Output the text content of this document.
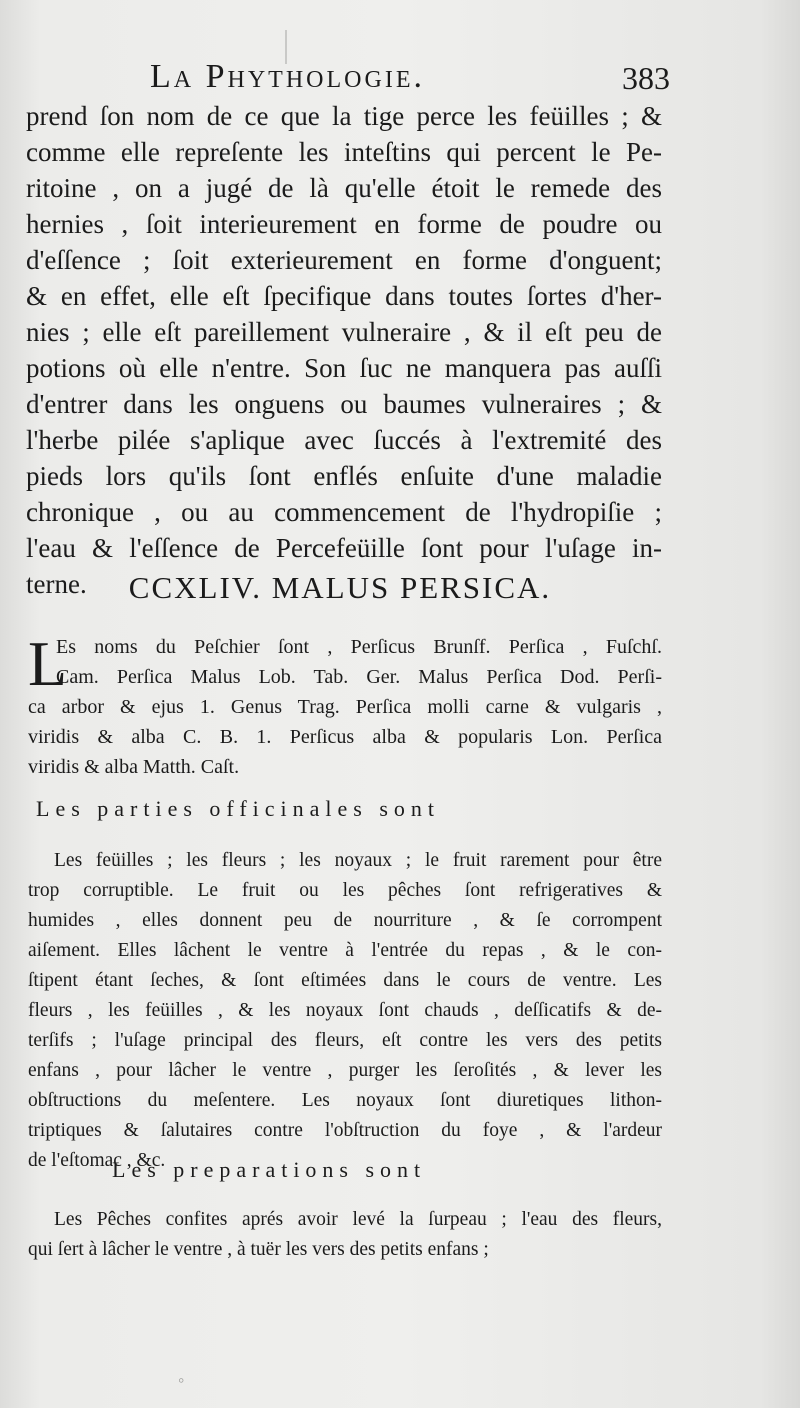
La Phythologie.	383
prend ſon nom de ce que la tige perce les feüilles ; &
comme elle repreſente les inteſtins qui percent le Pe-
ritoine , on a jugé de là qu'elle étoit le remede des
hernies , ſoit interieurement en forme de poudre ou
d'eſſence ; ſoit exterieurement en forme d'onguent;
& en effet, elle eſt ſpecifique dans toutes ſortes d'her-
nies ; elle eſt pareillement vulneraire , & il eſt peu de
potions où elle n'entre. Son ſuc ne manquera pas auſſi
d'entrer dans les onguens ou baumes vulneraires ; &
l'herbe pilée s'aplique avec ſuccés à l'extremité des
pieds lors qu'ils ſont enflés enſuite d'une maladie
chronique , ou au commencement de l'hydropiſie ;
l'eau & l'eſſence de Percefeüille ſont pour l'uſage in-
terne.	CCXLIV. MALUS PERSICA.
L
Es noms du Peſchier ſont , Perſicus Brunſf. Perſica , Fuſchſ.
Cam. Perſica Malus Lob. Tab. Ger. Malus Perſica Dod. Perſi-
ca arbor & ejus 1. Genus Trag. Perſica molli carne & vulgaris ,
viridis & alba C. B. 1. Perſicus alba & popularis Lon. Perſica
viridis & alba Matth. Caſt.
Les parties officinales sont
Les feüilles ; les fleurs ; les noyaux ; le fruit rarement pour être
trop corruptible. Le fruit ou les pêches ſont refrigeratives &
humides , elles donnent peu de nourriture , & ſe corrompent
aiſement. Elles lâchent le ventre à l'entrée du repas , & le con-
ſtipent étant ſeches, & ſont eſtimées dans le cours de ventre. Les
fleurs , les feüilles , & les noyaux ſont chauds , deſſicatifs & de-
terſifs ; l'uſage principal des fleurs, eſt contre les vers des petits
enfans , pour lâcher le ventre , purger les ſeroſités , & lever les
obſtructions du meſentere. Les noyaux ſont diuretiques lithon-
triptiques & ſalutaires contre l'obſtruction du foye , & l'ardeur
de l'eſtomac , &c.
Les preparations sont
Les Pêches confites aprés avoir levé la ſurpeau ; l'eau des fleurs,
qui ſert à lâcher le ventre , à tuër les vers des petits enfans ;
◦
